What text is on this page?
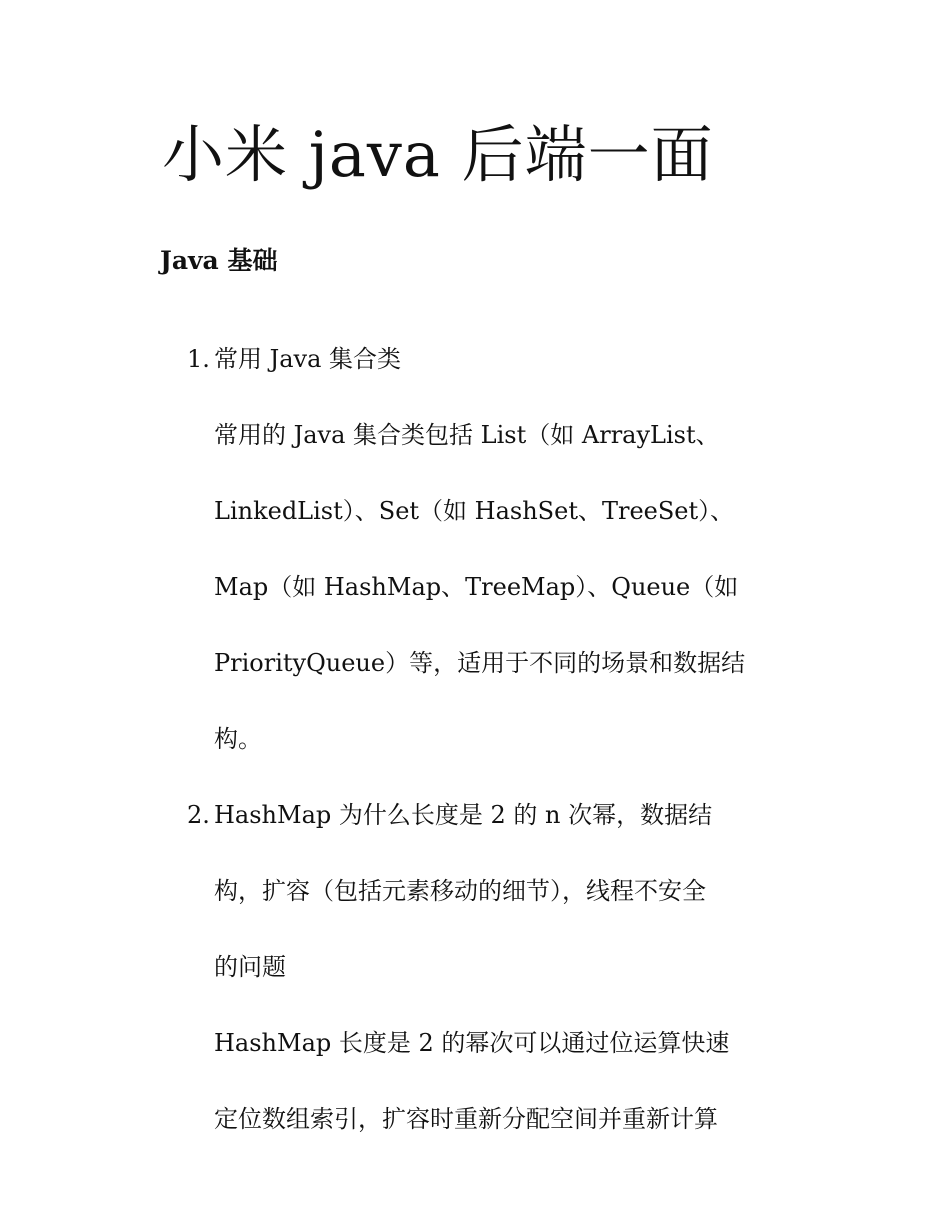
小米 java 后端一面
Java 基础
1. 常用 Java 集合类
常用的 Java 集合类包括 List（如 ArrayList、
LinkedList）、Set（如 HashSet、TreeSet）、
Map（如 HashMap、TreeMap）、Queue（如
PriorityQueue）等，适用于不同的场景和数据结
构。
2. HashMap 为什么长度是 2 的 n 次幂，数据结
构，扩容（包括元素移动的细节），线程不安全
的问题
HashMap 长度是 2 的幂次可以通过位运算快速
定位数组索引，扩容时重新分配空间并重新计算
